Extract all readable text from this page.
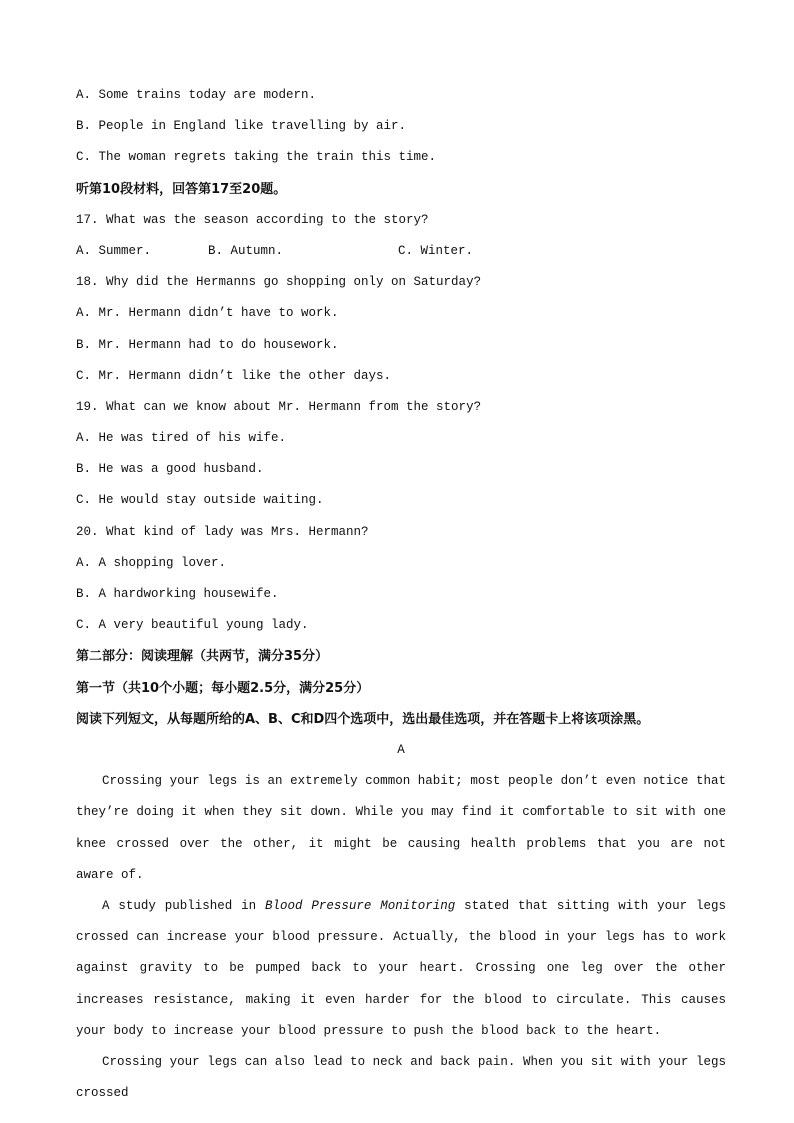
A. Some trains today are modern.
B. People in England like travelling by air.
C. The woman regrets taking the train this time.
听第10段材料，回答第17至20题。
17. What was the season according to the story?
A. Summer.	B. Autumn.	C. Winter.
18. Why did the Hermanns go shopping only on Saturday?
A. Mr. Hermann didn’t have to work.
B. Mr. Hermann had to do housework.
C. Mr. Hermann didn’t like the other days.
19. What can we know about Mr. Hermann from the story?
A. He was tired of his wife.
B. He was a good husband.
C. He would stay outside waiting.
20. What kind of lady was Mrs. Hermann?
A. A shopping lover.
B. A hardworking housewife.
C. A very beautiful young lady.
第二部分：阅读理解（共两节，满分35分）
第一节（共10个小题；每小题2.5分，满分25分）
阅读下列短文，从每题所给的A、B、C和D四个选项中，选出最佳选项，并在答题卡上将该项涂黑。
A

Crossing your legs is an extremely common habit; most people don’t even notice that they’re doing it when they sit down. While you may find it comfortable to sit with one knee crossed over the other, it might be causing health problems that you are not aware of.

A study published in Blood Pressure Monitoring stated that sitting with your legs crossed can increase your blood pressure. Actually, the blood in your legs has to work against gravity to be pumped back to your heart. Crossing one leg over the other increases resistance, making it even harder for the blood to circulate. This causes your body to increase your blood pressure to push the blood back to the heart.

Crossing your legs can also lead to neck and back pain. When you sit with your legs crossed
